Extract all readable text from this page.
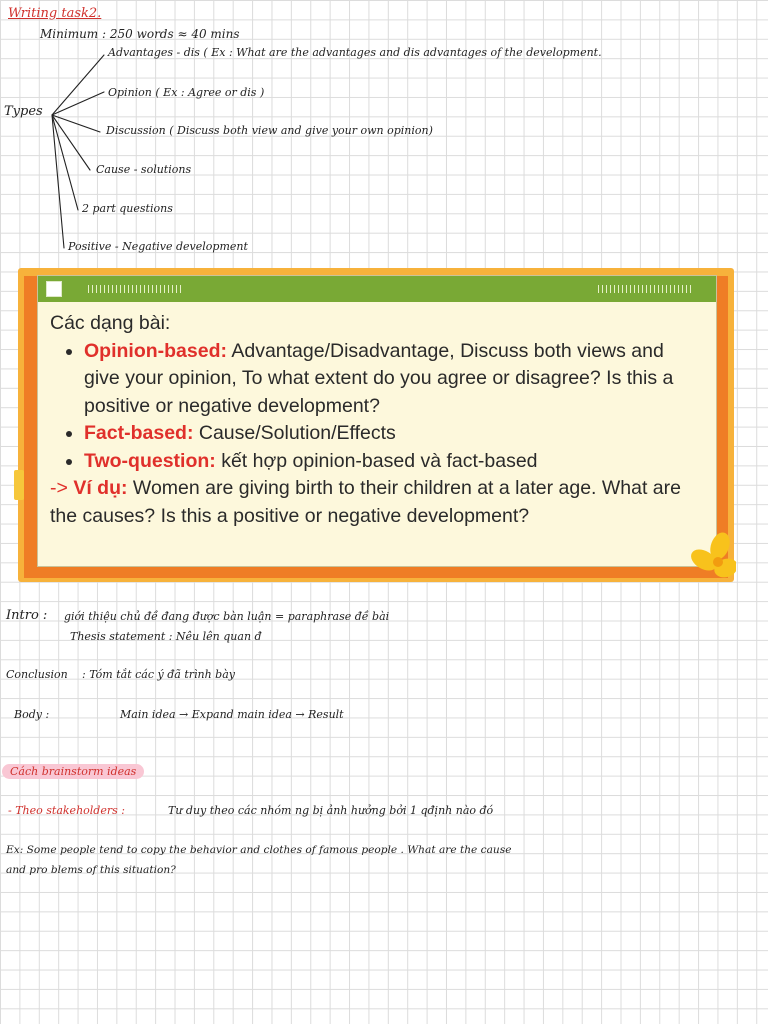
Writing task2.
Minimum : 250 words ≈ 40 mins
Types
Advantages - dis ( Ex : What are the advantages and dis advantages of the development.
Opinion ( Ex : Agree or dis )
Discussion ( Discuss both view and give your own opinion)
Cause - solutions
2 part questions
Positive - Negative development
Các dạng bài:
• Opinion-based: Advantage/Disadvantage, Discuss both views and give your opinion, To what extent do you agree or disagree? Is this a positive or negative development?
• Fact-based: Cause/Solution/Effects
• Two-question: kết hợp opinion-based và fact-based
-> Ví dụ: Women are giving birth to their children at a later age. What are the causes? Is this a positive or negative development?
Intro : giới thiệu chủ đề đang được bàn luận = paraphrase đề bài
Thesis statement : Nêu lên quan đ
Conclusion : Tóm tắt các ý đã trình bày
Body :	Main idea → Expand main idea → Result
Cách brainstorm ideas
- Theo stakeholders :	Tư duy theo các nhóm ng bị ảnh hưởng bởi 1 qđịnh nào đó
Ex: Some people tend to copy the behavior and clothes of famous people . What are the cause
and pro blems of this situation?
